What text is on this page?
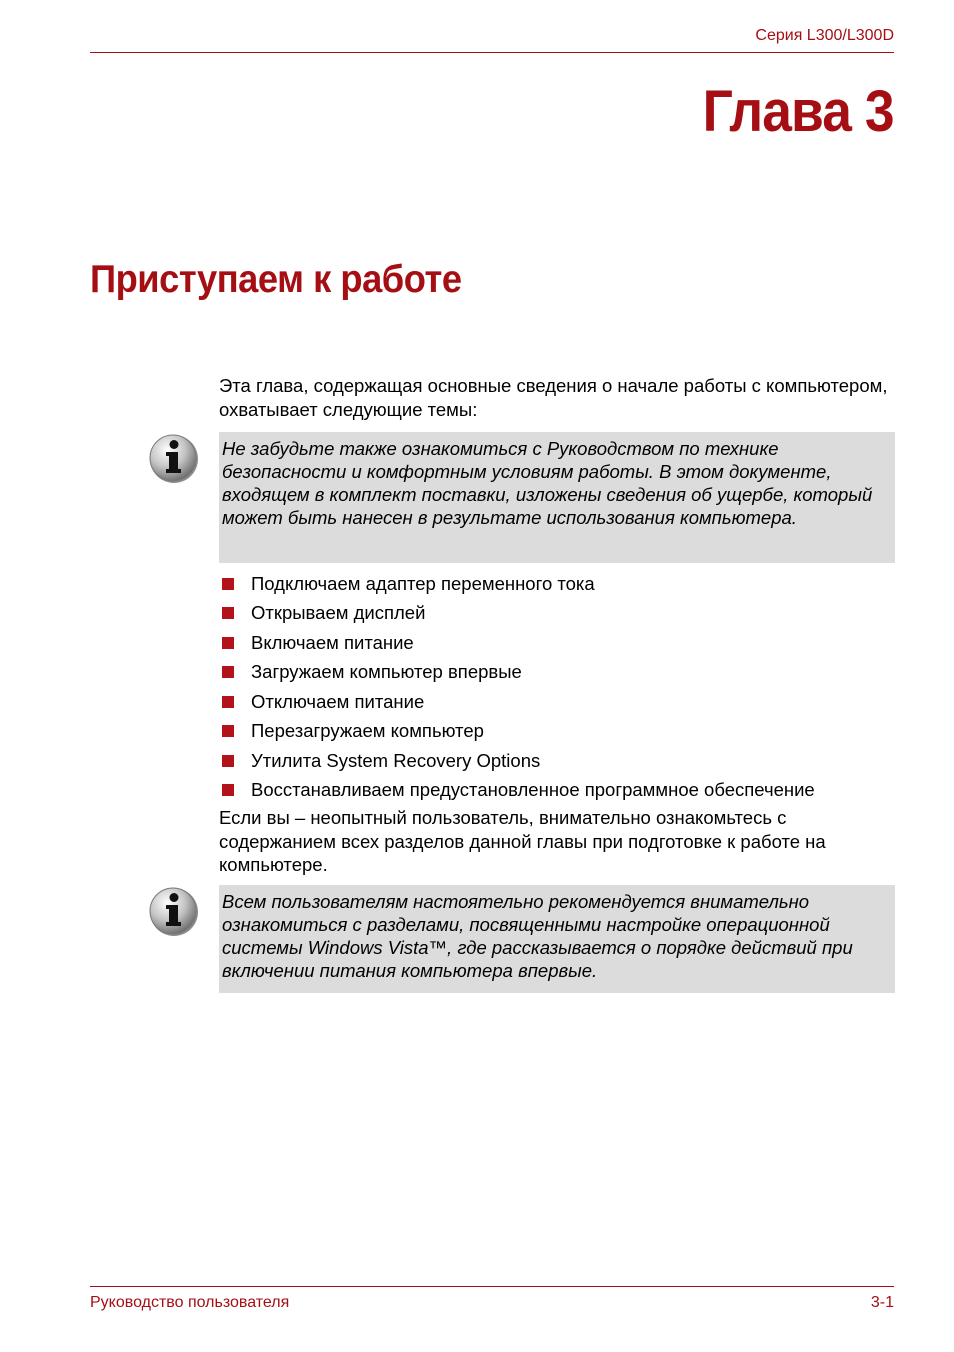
Серия L300/L300D

Глава 3
Приступаем к работе

Эта глава, содержащая основные сведения о начале работы с компьютером, охватывает следующие темы:

Не забудьте также ознакомиться с Руководством по технике безопасности и комфортным условиям работы. В этом документе, входящем в комплект поставки, изложены сведения об ущербе, который может быть нанесен в результате использования компьютера.

Подключаем адаптер переменного тока
Открываем дисплей
Включаем питание
Загружаем компьютер впервые
Отключаем питание
Перезагружаем компьютер
Утилита System Recovery Options
Восстанавливаем предустановленное программное обеспечение

Если вы – неопытный пользователь, внимательно ознакомьтесь с содержанием всех разделов данной главы при подготовке к работе на компьютере.

Всем пользователям настоятельно рекомендуется внимательно ознакомиться с разделами, посвященными настройке операционной системы Windows Vista™, где рассказывается о порядке действий при включении питания компьютера впервые.

Руководство пользователя	3-1
